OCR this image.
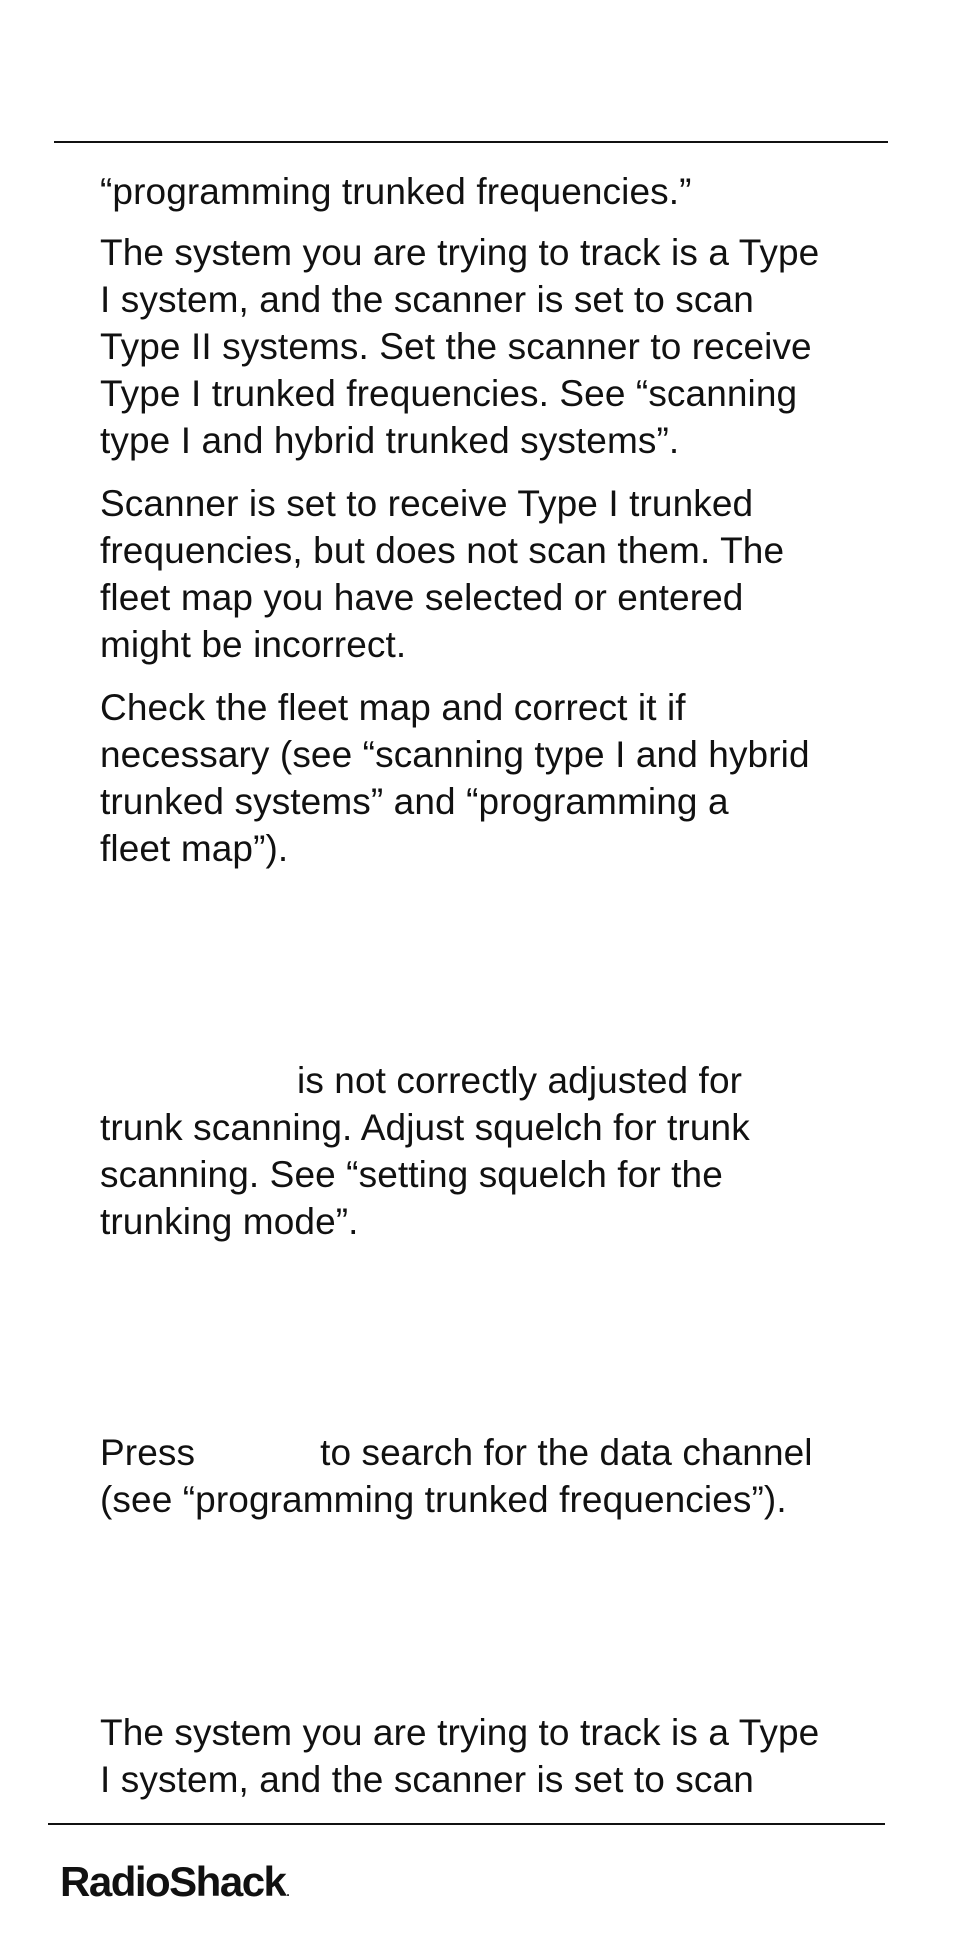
“programming trunked frequencies.”

The system you are trying to track is a Type
I system, and the scanner is set to scan
Type II systems. Set the scanner to receive
Type I trunked frequencies. See “scanning
type I and hybrid trunked systems”.

Scanner is set to receive Type I trunked
frequencies, but does not scan them. The
fleet map you have selected or entered
might be incorrect.

Check the fleet map and correct it if
necessary (see “scanning type I and hybrid
trunked systems” and “programming a
fleet map”).

is not correctly adjusted for
trunk scanning. Adjust squelch for trunk
scanning. See “setting squelch for the
trunking mode”.

Press	to search for the data channel
(see “programming trunked frequencies”).

The system you are trying to track is a Type
I system, and the scanner is set to scan

RadioShack.
